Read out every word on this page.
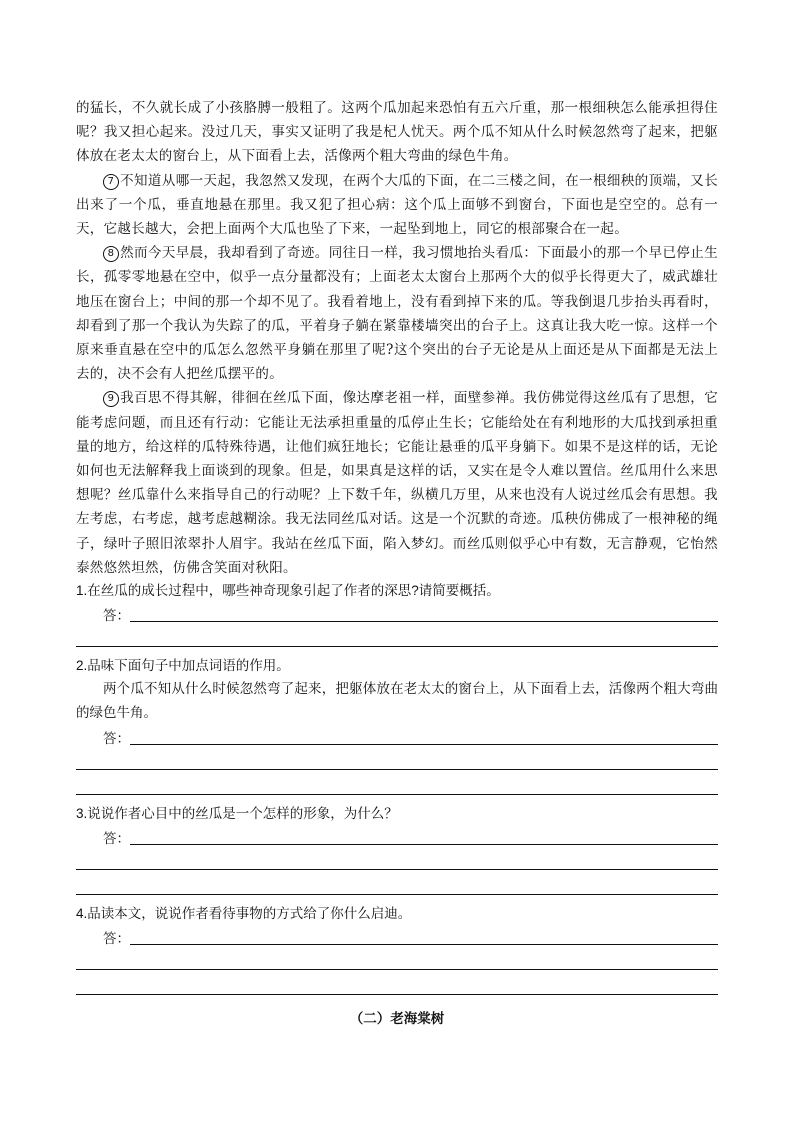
的猛长，不久就长成了小孩胳膊一般粗了。这两个瓜加起来恐怕有五六斤重，那一根细秧怎么能承担得住呢？我又担心起来。没过几天，事实又证明了我是杞人忧天。两个瓜不知从什么时候忽然弯了起来，把躯体放在老太太的窗台上，从下面看上去，活像两个粗大弯曲的绿色牛角。

7 不知道从哪一天起，我忽然又发现，在两个大瓜的下面，在二三楼之间，在一根细秧的顶端，又长出来了一个瓜，垂直地悬在那里。我又犯了担心病：这个瓜上面够不到窗台，下面也是空空的。总有一天，它越长越大，会把上面两个大瓜也坠了下来，一起坠到地上，同它的根部聚合在一起。

8 然而今天早晨，我却看到了奇迹。同往日一样，我习惯地抬头看瓜：下面最小的那一个早已停止生长，孤零零地悬在空中，似乎一点分量都没有；上面老太太窗台上那两个大的似乎长得更大了，威武雄壮地压在窗台上；中间的那一个却不见了。我看着地上，没有看到掉下来的瓜。等我倒退几步抬头再看时，却看到了那一个我认为失踪了的瓜，平着身子躺在紧靠楼墙突出的台子上。这真让我大吃一惊。这样一个原来垂直悬在空中的瓜怎么忽然平身躺在那里了呢?这个突出的台子无论是从上面还是从下面都是无法上去的，决不会有人把丝瓜摆平的。

9 我百思不得其解，徘徊在丝瓜下面，像达摩老祖一样，面壁参禅。我仿佛觉得这丝瓜有了思想，它能考虑问题，而且还有行动：它能让无法承担重量的瓜停止生长；它能给处在有利地形的大瓜找到承担重量的地方，给这样的瓜特殊待遇，让他们疯狂地长；它能让悬垂的瓜平身躺下。如果不是这样的话，无论如何也无法解释我上面谈到的现象。但是，如果真是这样的话，又实在是令人难以置信。丝瓜用什么来思想呢？丝瓜靠什么来指导自己的行动呢？上下数千年，纵横几万里，从来也没有人说过丝瓜会有思想。我左考虑，右考虑，越考虑越糊涂。我无法同丝瓜对话。这是一个沉默的奇迹。瓜秧仿佛成了一根神秘的绳子，绿叶子照旧浓翠扑人眉宇。我站在丝瓜下面，陷入梦幻。而丝瓜则似乎心中有数，无言静观，它怡然泰然悠然坦然，仿佛含笑面对秋阳。

1.在丝瓜的成长过程中，哪些神奇现象引起了作者的深思?请简要概括。

答：

2.品味下面句子中加点词语的作用。

两个瓜不知从什么时候忽然弯了起来，把躯体放在老太太的窗台上，从下面看上去，活像两个粗大弯曲的绿色牛角。

答：

3.说说作者心目中的丝瓜是一个怎样的形象，为什么？

答：

4.品读本文，说说作者看待事物的方式给了你什么启迪。

答：
（二）老海棠树
